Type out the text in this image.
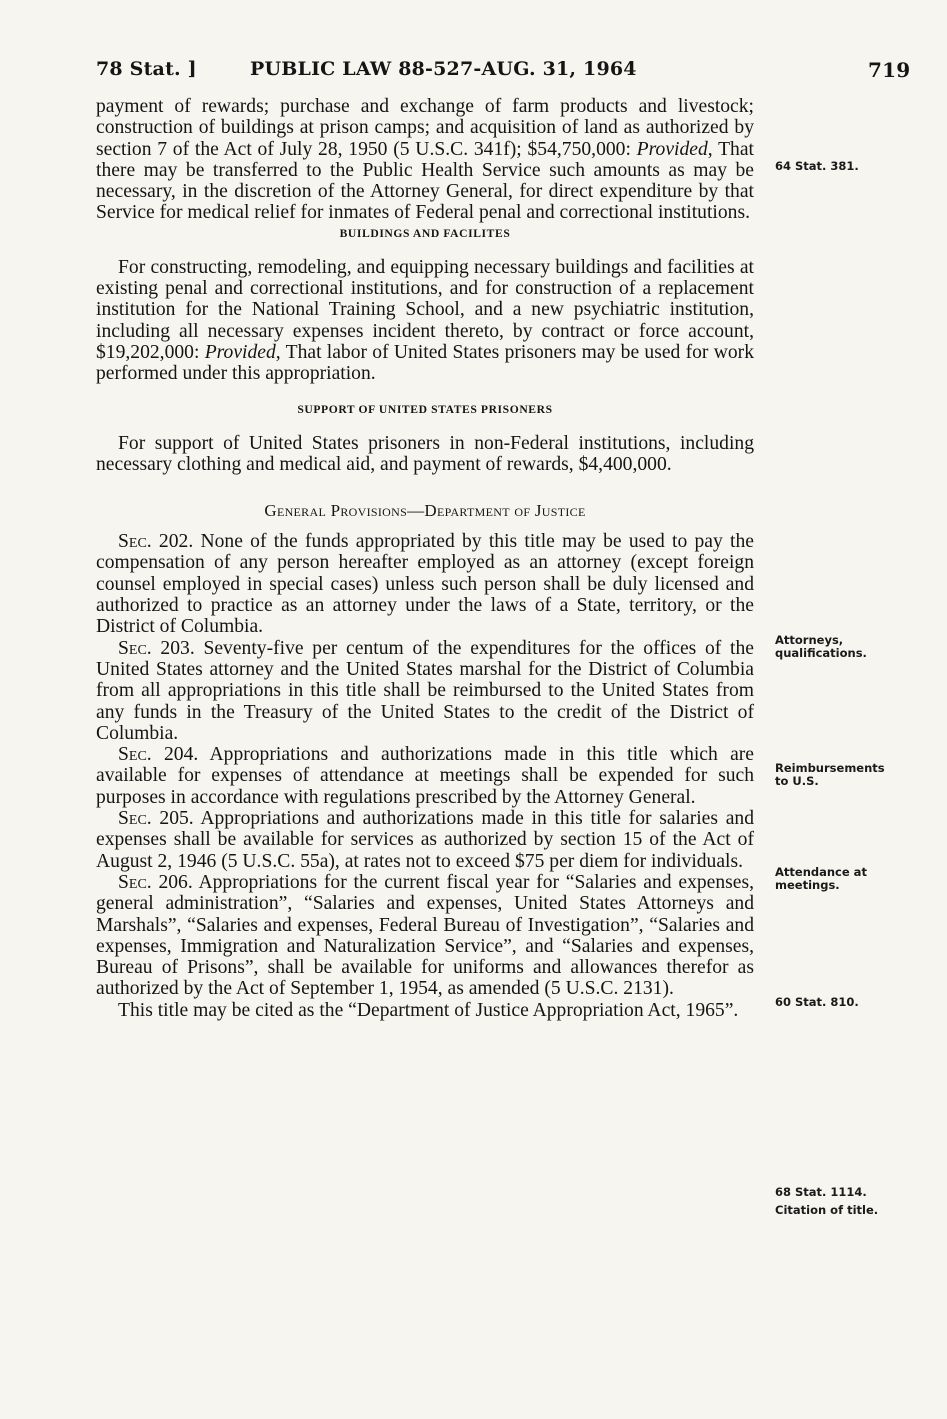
78 Stat. ]	PUBLIC LAW 88-527-AUG. 31, 1964	719

payment of rewards; purchase and exchange of farm products and livestock; construction of buildings at prison camps; and acquisition of land as authorized by section 7 of the Act of July 28, 1950 (5 U.S.C. 341f); $54,750,000: Provided, That there may be transferred to the Public Health Service such amounts as may be necessary, in the discretion of the Attorney General, for direct expenditure by that Service for medical relief for inmates of Federal penal and correctional institutions.

BUILDINGS AND FACILITES

For constructing, remodeling, and equipping necessary buildings and facilities at existing penal and correctional institutions, and for construction of a replacement institution for the National Training School, and a new psychiatric institution, including all necessary expenses incident thereto, by contract or force account, $19,202,000: Provided, That labor of United States prisoners may be used for work performed under this appropriation.

SUPPORT OF UNITED STATES PRISONERS

For support of United States prisoners in non-Federal institutions, including necessary clothing and medical aid, and payment of rewards, $4,400,000.

General Provisions—Department of Justice

Sec. 202. None of the funds appropriated by this title may be used to pay the compensation of any person hereafter employed as an attorney (except foreign counsel employed in special cases) unless such person shall be duly licensed and authorized to practice as an attorney under the laws of a State, territory, or the District of Columbia.

Sec. 203. Seventy-five per centum of the expenditures for the offices of the United States attorney and the United States marshal for the District of Columbia from all appropriations in this title shall be reimbursed to the United States from any funds in the Treasury of the United States to the credit of the District of Columbia.

Sec. 204. Appropriations and authorizations made in this title which are available for expenses of attendance at meetings shall be expended for such purposes in accordance with regulations prescribed by the Attorney General.

Sec. 205. Appropriations and authorizations made in this title for salaries and expenses shall be available for services as authorized by section 15 of the Act of August 2, 1946 (5 U.S.C. 55a), at rates not to exceed $75 per diem for individuals.

Sec. 206. Appropriations for the current fiscal year for “Salaries and expenses, general administration”, “Salaries and expenses, United States Attorneys and Marshals”, “Salaries and expenses, Federal Bureau of Investigation”, “Salaries and expenses, Immigration and Naturalization Service”, and “Salaries and expenses, Bureau of Prisons”, shall be available for uniforms and allowances therefor as authorized by the Act of September 1, 1954, as amended (5 U.S.C. 2131).

This title may be cited as the “Department of Justice Appropriation Act, 1965”.

64 Stat. 381.
Attorneys,
qualifications.
Reimbursements
to U.S.
Attendance at
meetings.
60 Stat. 810.
68 Stat. 1114.
Citation of title.
